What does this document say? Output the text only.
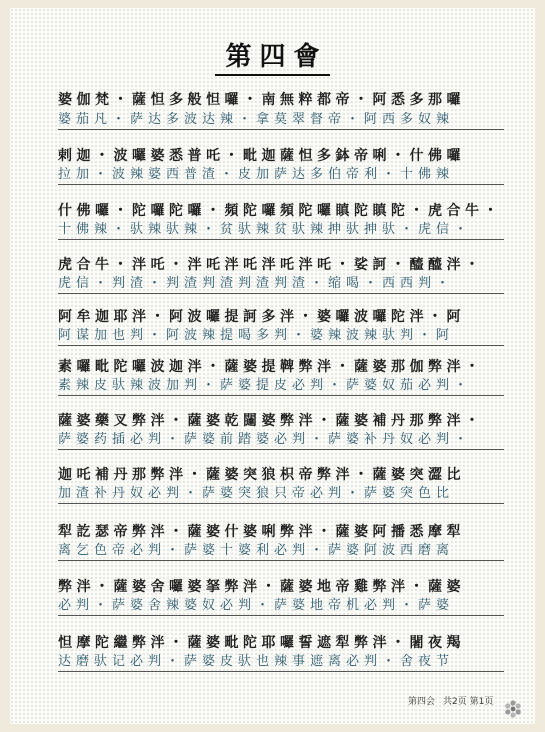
第四會
婆伽梵・薩怛多般怛囉・南無粹都帝・阿悉多那囉
婆茄凡・萨达多波达辣・拿莫翠督帝・阿西多奴辣
剌迦・波囉婆悉普吒・毗迦薩怛多鉢帝唎・什佛囉
拉加・波辣婆西普渣・皮加萨达多伯帝利・十佛辣
什佛囉・陀囉陀囉・頻陀囉頻陀囉瞋陀瞋陀・虎合牛・
十佛辣・驮辣驮辣・贫驮辣贫驮辣抻驮抻驮・虎信・
虎合牛・泮吒・泮吒泮吒泮吒泮吒・娑訶・醯醯泮・
虎信・判渣・判渣判渣判渣判渣・缩喝・西西判・
阿牟迦耶泮・阿波囉提訶多泮・婆囉波囉陀泮・阿
阿谋加也判・阿波辣提喝多判・婆辣波辣驮判・阿
素囉毗陀囉波迦泮・薩婆提鞞弊泮・薩婆那伽弊泮・
素辣皮驮辣波加判・萨婆提皮必判・萨婆奴茄必判・
薩婆藥叉弊泮・薩婆乾闥婆弊泮・薩婆補丹那弊泮・
萨婆药插必判・萨婆前踏婆必判・萨婆补丹奴必判・
迦吒補丹那弊泮・薩婆突狼枳帝弊泮・薩婆突澀比
加渣补丹奴必判・萨婆突狼只帝必判・萨婆突色比
犁訖瑟帝弊泮・薩婆什婆唎弊泮・薩婆阿播悉摩犁
离乞色帝必判・萨婆十婆利必判・萨婆阿波西磨离
弊泮・薩婆舍囉婆拏弊泮・薩婆地帝雞弊泮・薩婆
必判・萨婆舍辣婆奴必判・萨婆地帝机必判・萨婆
怛摩陀繼弊泮・薩婆毗陀耶囉誓遮犁弊泮・闍夜羯
达磨驮记必判・萨婆皮驮也辣事遮离必判・舍夜节
第四会 共2页 第1页
